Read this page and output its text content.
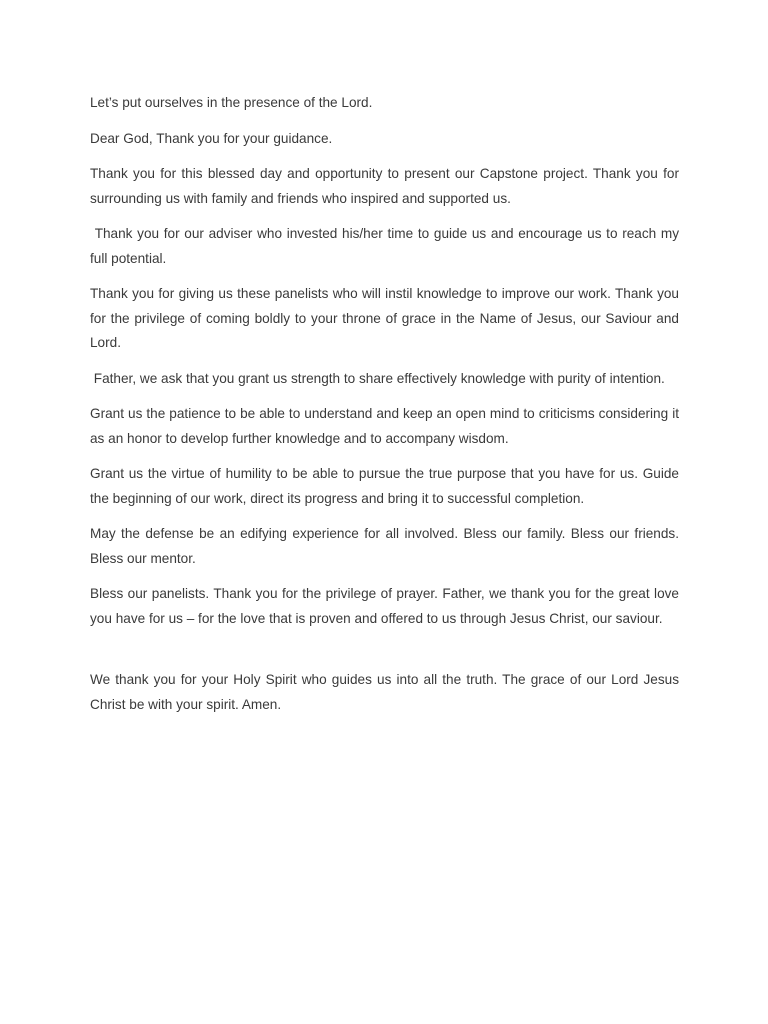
Let’s put ourselves in the presence of the Lord.

Dear God, Thank you for your guidance.

Thank you for this blessed day and opportunity to present our Capstone project. Thank you for surrounding us with family and friends who inspired and supported us.

Thank you for our adviser who invested his/her time to guide us and encourage us to reach my full potential.

Thank you for giving us these panelists who will instil knowledge to improve our work. Thank you for the privilege of coming boldly to your throne of grace in the Name of Jesus, our Saviour and Lord.

Father, we ask that you grant us strength to share effectively knowledge with purity of intention.

Grant us the patience to be able to understand and keep an open mind to criticisms considering it as an honor to develop further knowledge and to accompany wisdom.

Grant us the virtue of humility to be able to pursue the true purpose that you have for us. Guide the beginning of our work, direct its progress and bring it to successful completion.

May the defense be an edifying experience for all involved. Bless our family. Bless our friends. Bless our mentor.

Bless our panelists. Thank you for the privilege of prayer. Father, we thank you for the great love you have for us – for the love that is proven and offered to us through Jesus Christ, our saviour.

We thank you for your Holy Spirit who guides us into all the truth. The grace of our Lord Jesus Christ be with your spirit. Amen.
